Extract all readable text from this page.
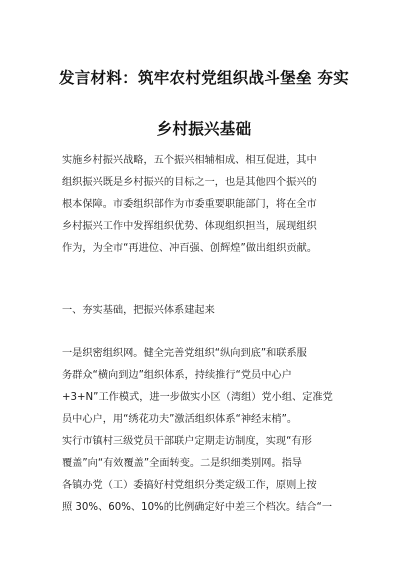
发言材料：筑牢农村党组织战斗堡垒 夯实
乡村振兴基础
实施乡村振兴战略，五个振兴相辅相成、相互促进，其中
组织振兴既是乡村振兴的目标之一，也是其他四个振兴的
根本保障。市委组织部作为市委重要职能部门，将在全市
乡村振兴工作中发挥组织优势、体现组织担当，展现组织
作为，为全市“再进位、冲百强、创辉煌”做出组织贡献。
一、夯实基础，把振兴体系建起来
一是织密组织网。健全完善党组织“纵向到底”和联系服
务群众“横向到边”组织体系，持续推行“党员中心户
+3+N”工作模式，进一步做实小区（湾组）党小组、定准党
员中心户，用“绣花功夫”激活组织体系“神经末梢”。
实行市镇村三级党员干部联户定期走访制度，实现“有形
覆盖”向“有效覆盖”全面转变。二是织细类别网。指导
各镇办党（工）委搞好村党组织分类定级工作，原则上按
照 30%、60%、10%的比例确定好中差三个档次。结合“一
